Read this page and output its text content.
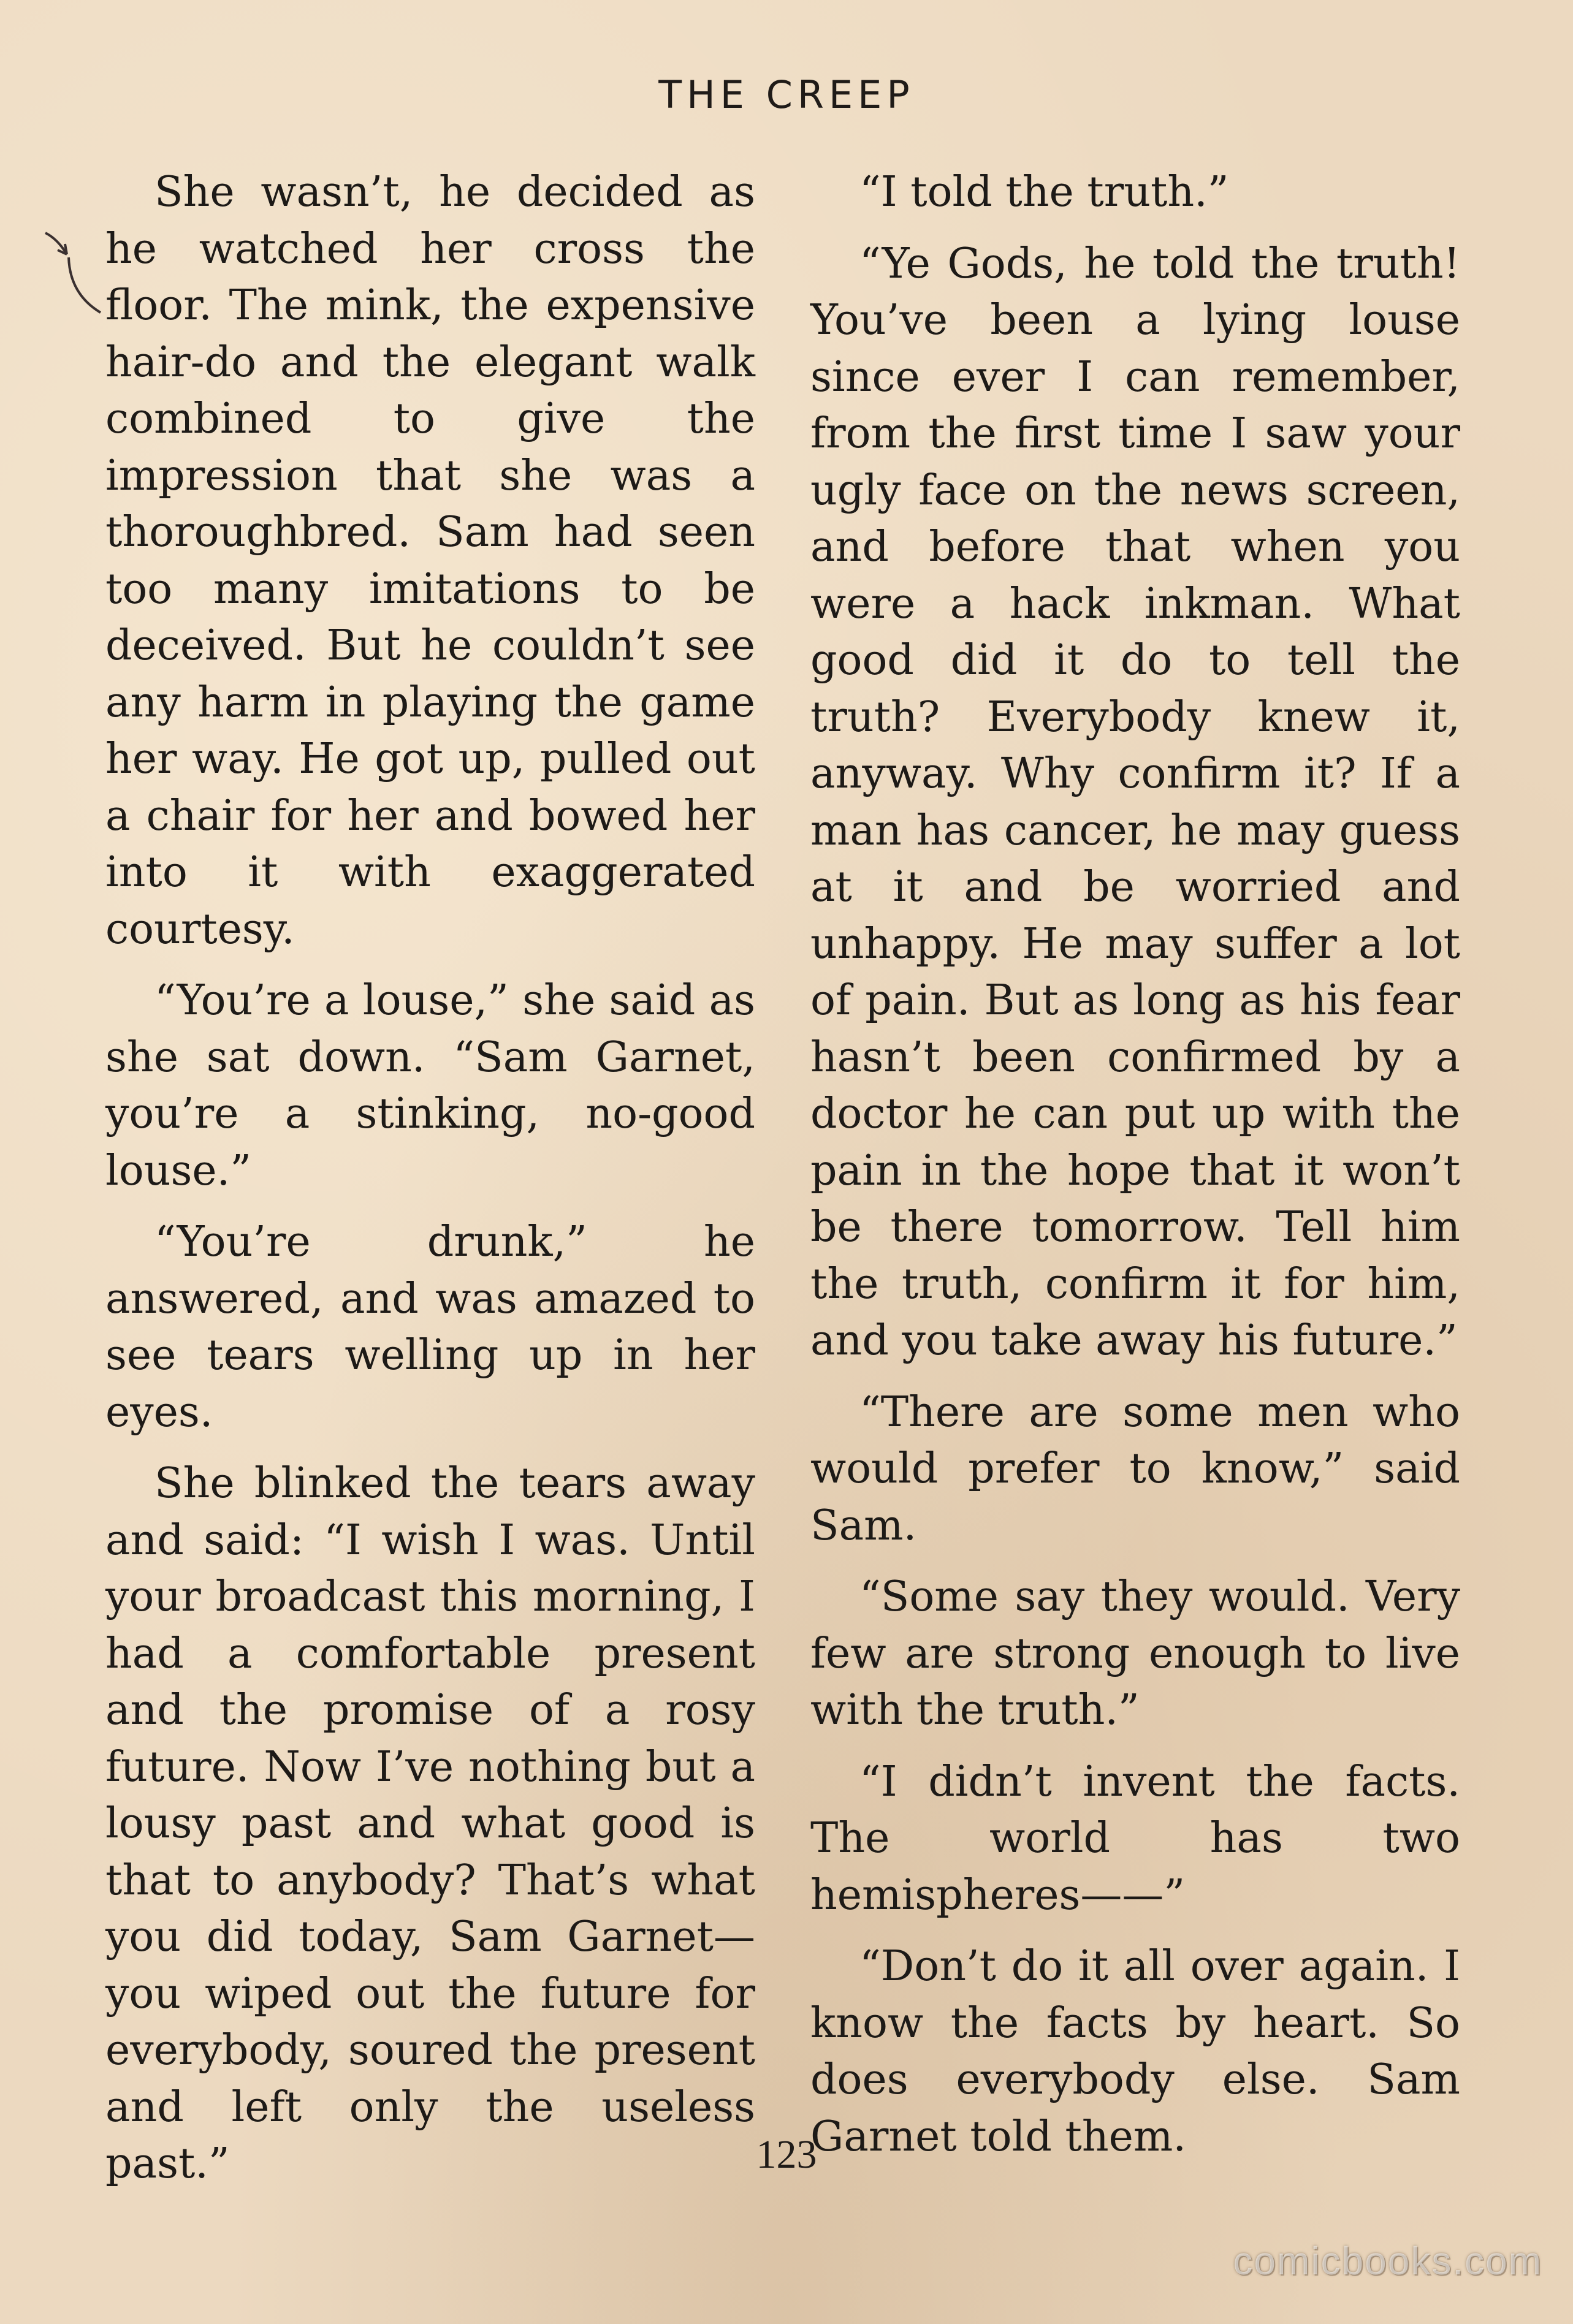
THE CREEP

She wasn’t, he decided as he watched her cross the floor. The mink, the expensive hair-do and the elegant walk combined to give the impression that she was a thoroughbred. Sam had seen too many imitations to be deceived. But he couldn’t see any harm in playing the game her way. He got up, pulled out a chair for her and bowed her into it with exaggerated courtesy.

“You’re a louse,” she said as she sat down. “Sam Garnet, you’re a stinking, no-good louse.”

“You’re drunk,” he answered, and was amazed to see tears welling up in her eyes.

She blinked the tears away and said: “I wish I was. Until your broadcast this morning, I had a comfortable present and the promise of a rosy future. Now I’ve nothing but a lousy past and what good is that to anybody? That’s what you did today, Sam Garnet—you wiped out the future for everybody, soured the present and left only the useless past.”

“I told the truth.”

“Ye Gods, he told the truth! You’ve been a lying louse since ever I can remember, from the first time I saw your ugly face on the news screen, and before that when you were a hack inkman. What good did it do to tell the truth? Everybody knew it, anyway. Why confirm it? If a man has cancer, he may guess at it and be worried and unhappy. He may suffer a lot of pain. But as long as his fear hasn’t been confirmed by a doctor he can put up with the pain in the hope that it won’t be there tomorrow. Tell him the truth, confirm it for him, and you take away his future.”

“There are some men who would prefer to know,” said Sam.

“Some say they would. Very few are strong enough to live with the truth.”

“I didn’t invent the facts. The world has two hemispheres——”

“Don’t do it all over again. I know the facts by heart. So does everybody else. Sam Garnet told them.

123
comicbooks.com
